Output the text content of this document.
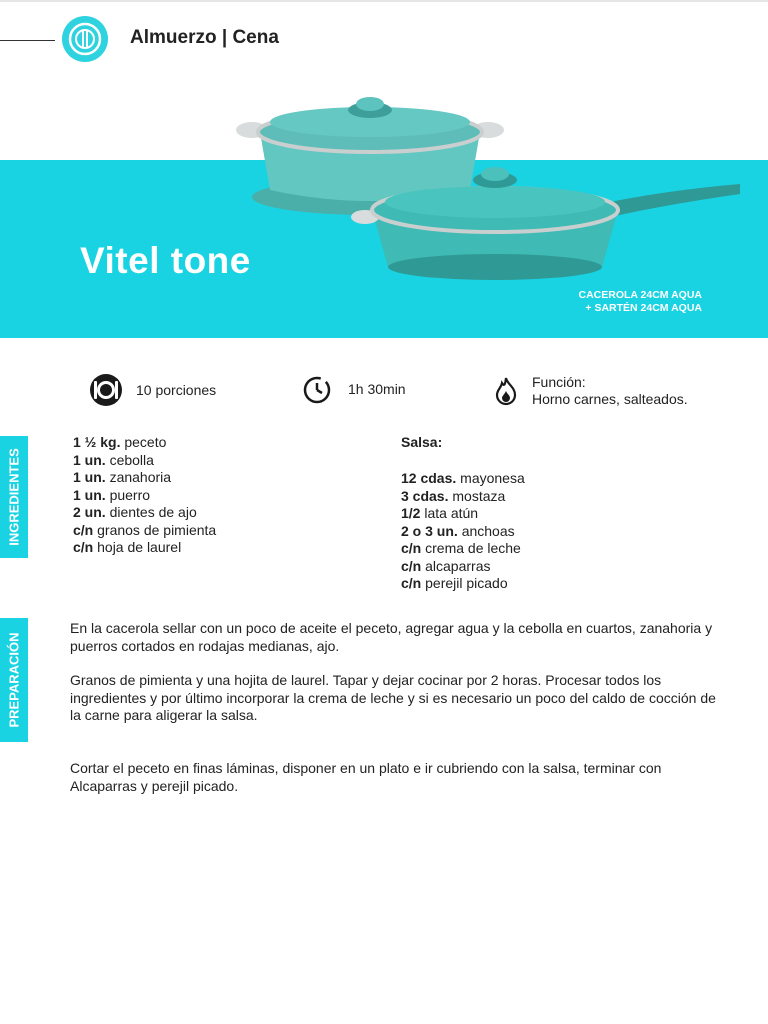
Almuerzo | Cena
Vitel tone
CACEROLA 24CM AQUA
+ SARTÉN 24CM AQUA
10 porciones	1h 30min	Función:
Horno carnes, salteados.
INGREDIENTES
PREPARACIÓN
1 ½ kg. peceto
1 un. cebolla
1 un. zanahoria
1 un. puerro
2 un. dientes de ajo
c/n granos de pimienta
c/n hoja de laurel
Salsa:
12 cdas. mayonesa
3 cdas. mostaza
1/2 lata atún
2 o 3 un. anchoas
c/n crema de leche
c/n alcaparras
c/n perejil picado

En la cacerola sellar con un poco de aceite el peceto, agregar agua y la cebolla en cuartos, zanahoria y puerros cortados en rodajas medianas, ajo.

Granos de pimienta y una hojita de laurel. Tapar y dejar cocinar por 2 horas. Procesar todos los ingredientes y por último incorporar la crema de leche y si es necesario un poco del caldo de cocción de la carne para aligerar la salsa.

Cortar el peceto en finas láminas, disponer en un plato e ir cubriendo con la salsa, terminar con Alcaparras y perejil picado.
